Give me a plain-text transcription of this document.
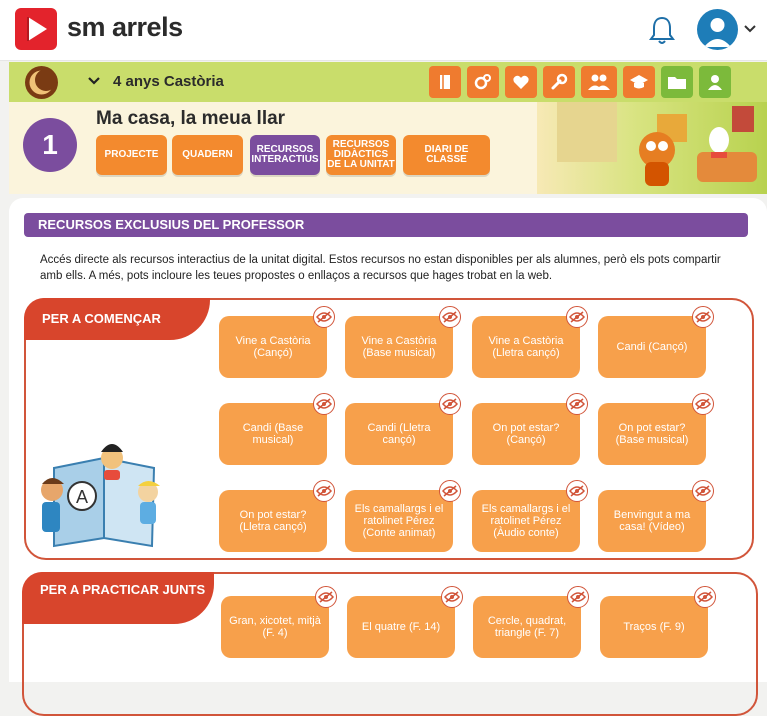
sm arrels
4 anys Castòria
1
Ma casa, la meua llar
PROJECTE	QUADERN	RECURSOS INTERACTIUS
RECURSOS DIDÀCTICS DE LA UNITAT
DIARI DE CLASSE
RECURSOS EXCLUSIUS DEL PROFESSOR
Accés directe als recursos interactius de la unitat digital. Estos recursos no estan disponibles per als alumnes, però els pots compartir amb ells. A més, pots incloure les teues propostes o enllaços a recursos que hages trobat en la web.
PER A COMENÇAR
A
Vine a Castòria (Cançó)
Vine a Castòria (Base musical)
Vine a Castòria (Lletra cançó)	Candi (Cançó)
Candi (Base musical)
Candi (Lletra cançó)
On pot estar? (Cançó)
On pot estar? (Base musical)
On pot estar? (Lletra cançó)
Els camallargs i el ratolinet Pérez (Conte animat)
Els camallargs i el ratolinet Pérez (Àudio conte)
Benvingut a ma casa! (Vídeo)
PER A PRACTICAR JUNTS
Gran, xicotet, mitjà (F. 4)	El quatre (F. 14)	Cercle, quadrat, triangle (F. 7)	Traços (F. 9)
